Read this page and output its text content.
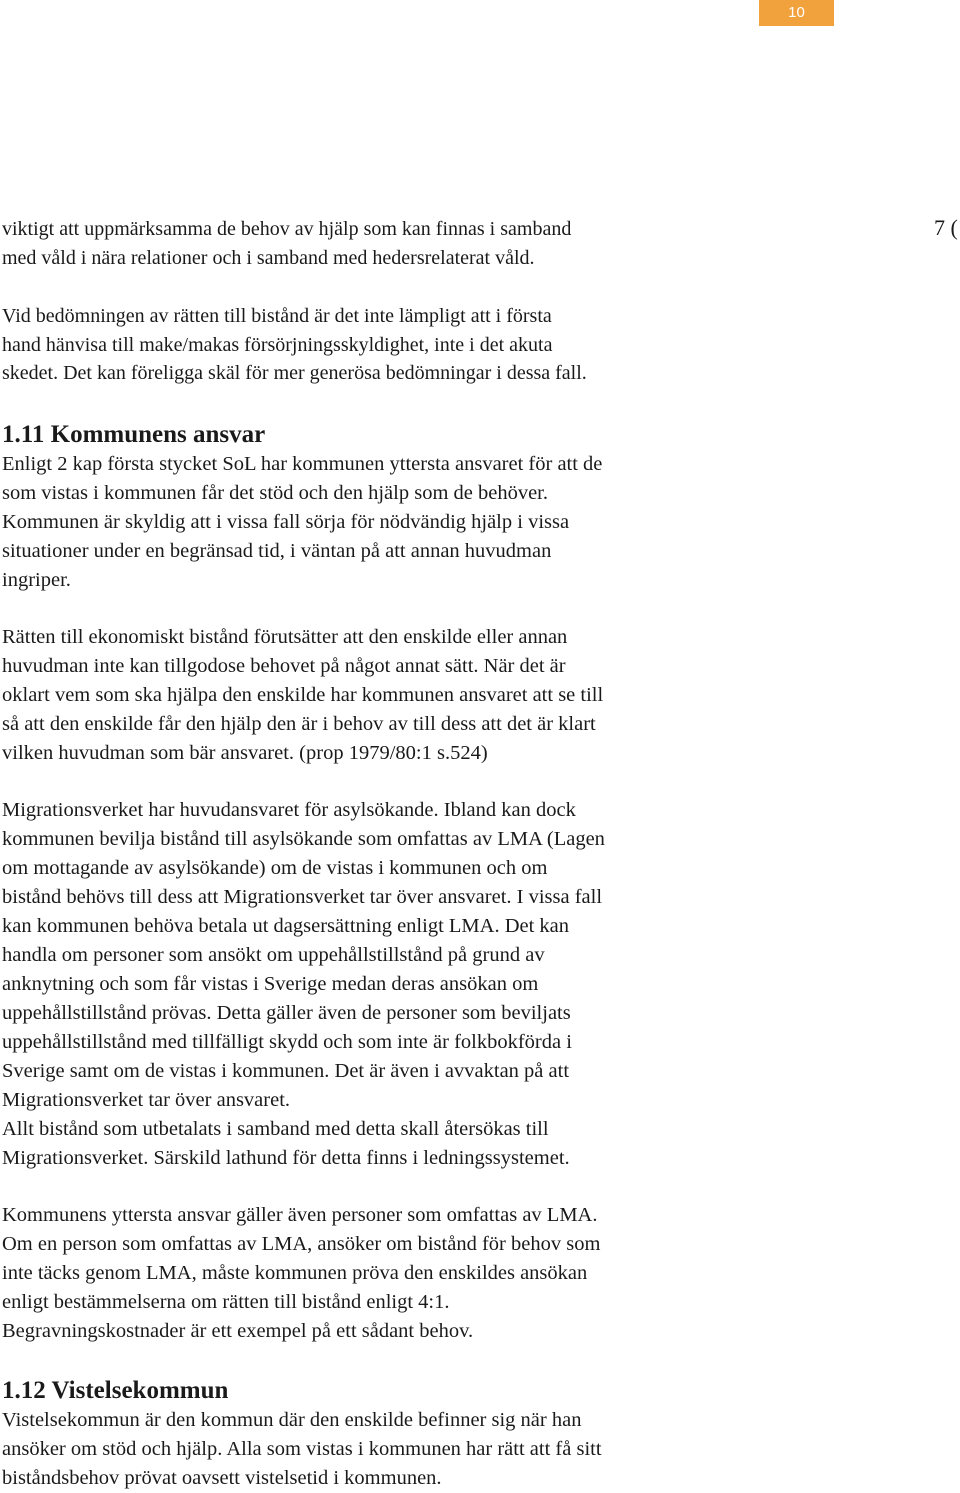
10
7 (
viktigt att uppmärksamma de behov av hjälp som kan finnas i samband
med våld i nära relationer och i samband med hedersrelaterat våld.
Vid bedömningen av rätten till bistånd är det inte lämpligt att i första
hand hänvisa till make/makas försörjningsskyldighet, inte i det akuta
skedet. Det kan föreligga skäl för mer generösa bedömningar i dessa fall.
1.11 Kommunens ansvar
Enligt 2 kap första stycket SoL har kommunen yttersta ansvaret för att de
som vistas i kommunen får det stöd och den hjälp som de behöver.
Kommunen är skyldig att i vissa fall sörja för nödvändig hjälp i vissa
situationer under en begränsad tid, i väntan på att annan huvudman
ingriper.
Rätten till ekonomiskt bistånd förutsätter att den enskilde eller annan
huvudman inte kan tillgodose behovet på något annat sätt. När det är
oklart vem som ska hjälpa den enskilde har kommunen ansvaret att se till
så att den enskilde får den hjälp den är i behov av till dess att det är klart
vilken huvudman som bär ansvaret. (prop 1979/80:1 s.524)
Migrationsverket har huvudansvaret för asylsökande. Ibland kan dock
kommunen bevilja bistånd till asylsökande som omfattas av LMA (Lagen
om mottagande av asylsökande) om de vistas i kommunen och om
bistånd behövs till dess att Migrationsverket tar över ansvaret. I vissa fall
kan kommunen behöva betala ut dagsersättning enligt LMA. Det kan
handla om personer som ansökt om uppehållstillstånd på grund av
anknytning och som får vistas i Sverige medan deras ansökan om
uppehållstillstånd prövas. Detta gäller även de personer som beviljats
uppehållstillstånd med tillfälligt skydd och som inte är folkbokförda i
Sverige samt om de vistas i kommunen. Det är även i avvaktan på att
Migrationsverket tar över ansvaret.
Allt bistånd som utbetalats i samband med detta skall återsökas till
Migrationsverket. Särskild lathund för detta finns i ledningssystemet.
Kommunens yttersta ansvar gäller även personer som omfattas av LMA.
Om en person som omfattas av LMA, ansöker om bistånd för behov som
inte täcks genom LMA, måste kommunen pröva den enskildes ansökan
enligt bestämmelserna om rätten till bistånd enligt 4:1.
Begravningskostnader är ett exempel på ett sådant behov.
1.12 Vistelsekommun
Vistelsekommun är den kommun där den enskilde befinner sig när han
ansöker om stöd och hjälp. Alla som vistas i kommunen har rätt att få sitt
biståndsbehov prövat oavsett vistelsetid i kommunen.
